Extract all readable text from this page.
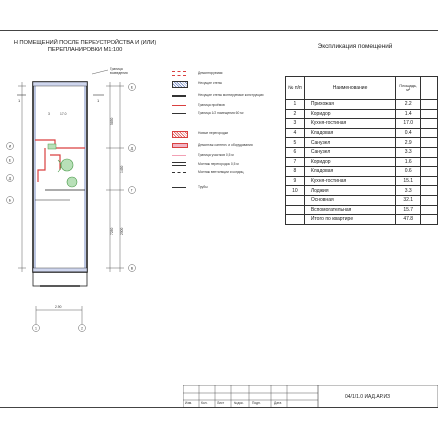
Н ПОМЕЩЕНИЙ ПОСЛЕ ПЕРЕУСТРОЙСТВА И (ИЛИ)
ПЕРЕПЛАНИРОВКИ М1:100
Граница
возведения
1	1
3	17.0
5850
1450
7280 2000
Е
Д
Г
В
И
Е
Д
Б
1	2
2.90
Демонтируемая
Несущие стены
Несущие стены монтируемые конструкции
Граница проёмов
Граница 1/2 помещения 60 м²
Новые перегородки
Демонтаж сантехн. и оборудования
Граница участков 0,5 м
Монтаж перегородок 0,5 м
Монтаж вентиляции и кондиц.
Трубы
Экспликация помещений
№ п/п	Наименование	Площадь, м²	
1	Прихожая	2.2	
2	Коридор	1.4	
3	Кухня-гостиная	17.0	
4	Кладовая	0.4	
5	Санузел	2.9	
6	Санузел	3.3	
7	Коридор	1.6	
8	Кладовая	0.6	
9	Кухня-гостиная	15.1	
10	Лоджия	3.3	
	Основная	32.1	
	Вспомогательная	15.7	
	Итого по квартире	47.8	
04/1/1.0 ИАД.АР.ИЗ
Изм.	Кол.	Лист	№док.	Подп.	Дата
